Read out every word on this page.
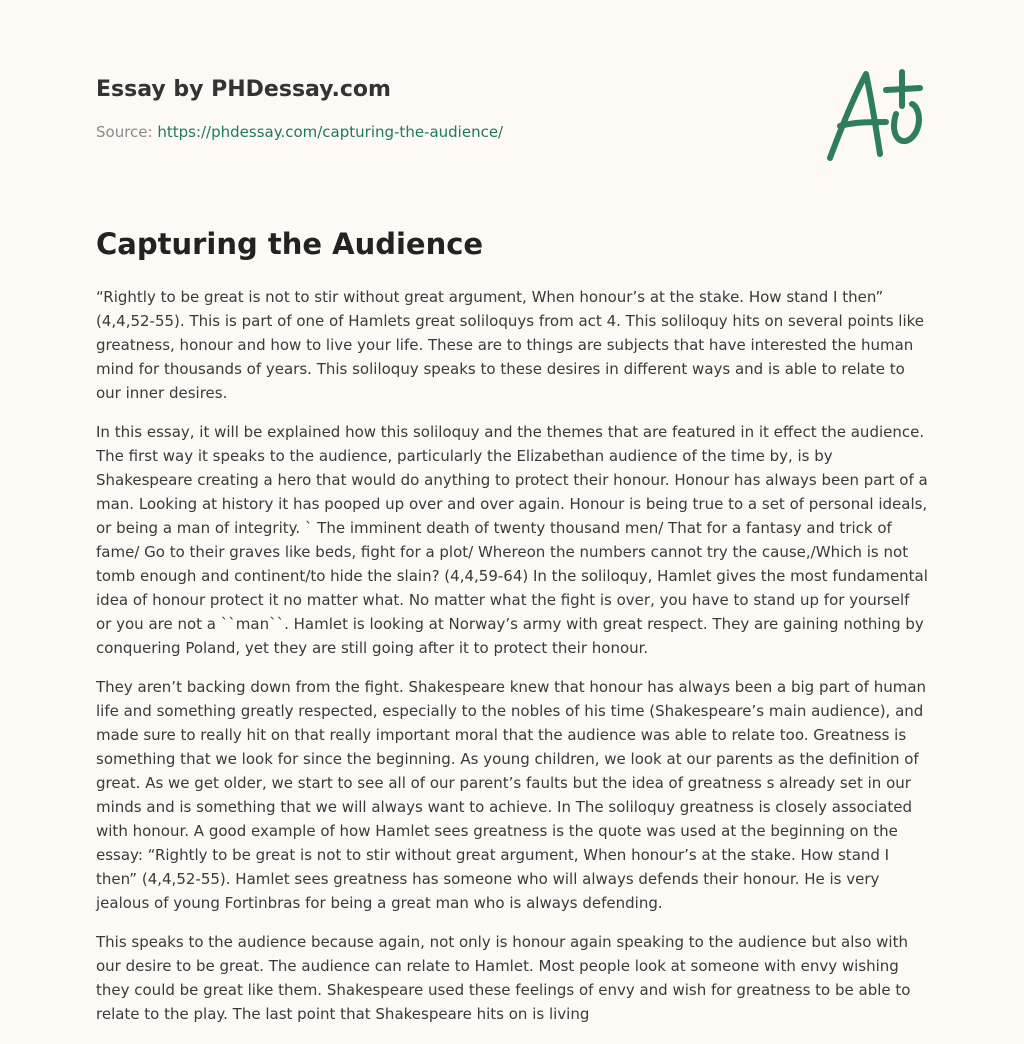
Essay by PHDessay.com
Source: https://phdessay.com/capturing-the-audience/
Capturing the Audience

“Rightly to be great is not to stir without great argument, When honour’s at the stake. How stand I then” (4,4,52-55). This is part of one of Hamlets great soliloquys from act 4. This soliloquy hits on several points like greatness, honour and how to live your life. These are to things are subjects that have interested the human mind for thousands of years. This soliloquy speaks to these desires in different ways and is able to relate to our inner desires.

In this essay, it will be explained how this soliloquy and the themes that are featured in it effect the audience. The first way it speaks to the audience, particularly the Elizabethan audience of the time by, is by Shakespeare creating a hero that would do anything to protect their honour. Honour has always been part of a man. Looking at history it has pooped up over and over again. Honour is being true to a set of personal ideals, or being a man of integrity. ` The imminent death of twenty thousand men/ That for a fantasy and trick of fame/ Go to their graves like beds, fight for a plot/ Whereon the numbers cannot try the cause,/Which is not tomb enough and continent/to hide the slain? (4,4,59-64) In the soliloquy, Hamlet gives the most fundamental idea of honour protect it no matter what. No matter what the fight is over, you have to stand up for yourself or you are not a ``man``. Hamlet is looking at Norway’s army with great respect. They are gaining nothing by conquering Poland, yet they are still going after it to protect their honour.

They aren’t backing down from the fight. Shakespeare knew that honour has always been a big part of human life and something greatly respected, especially to the nobles of his time (Shakespeare’s main audience), and made sure to really hit on that really important moral that the audience was able to relate too. Greatness is something that we look for since the beginning. As young children, we look at our parents as the definition of great. As we get older, we start to see all of our parent’s faults but the idea of greatness s already set in our minds and is something that we will always want to achieve. In The soliloquy greatness is closely associated with honour. A good example of how Hamlet sees greatness is the quote was used at the beginning on the essay: “Rightly to be great is not to stir without great argument, When honour’s at the stake. How stand I then” (4,4,52-55). Hamlet sees greatness has someone who will always defends their honour. He is very jealous of young Fortinbras for being a great man who is always defending.

This speaks to the audience because again, not only is honour again speaking to the audience but also with our desire to be great. The audience can relate to Hamlet. Most people look at someone with envy wishing they could be great like them. Shakespeare used these feelings of envy and wish for greatness to be able to relate to the play. The last point that Shakespeare hits on is living
